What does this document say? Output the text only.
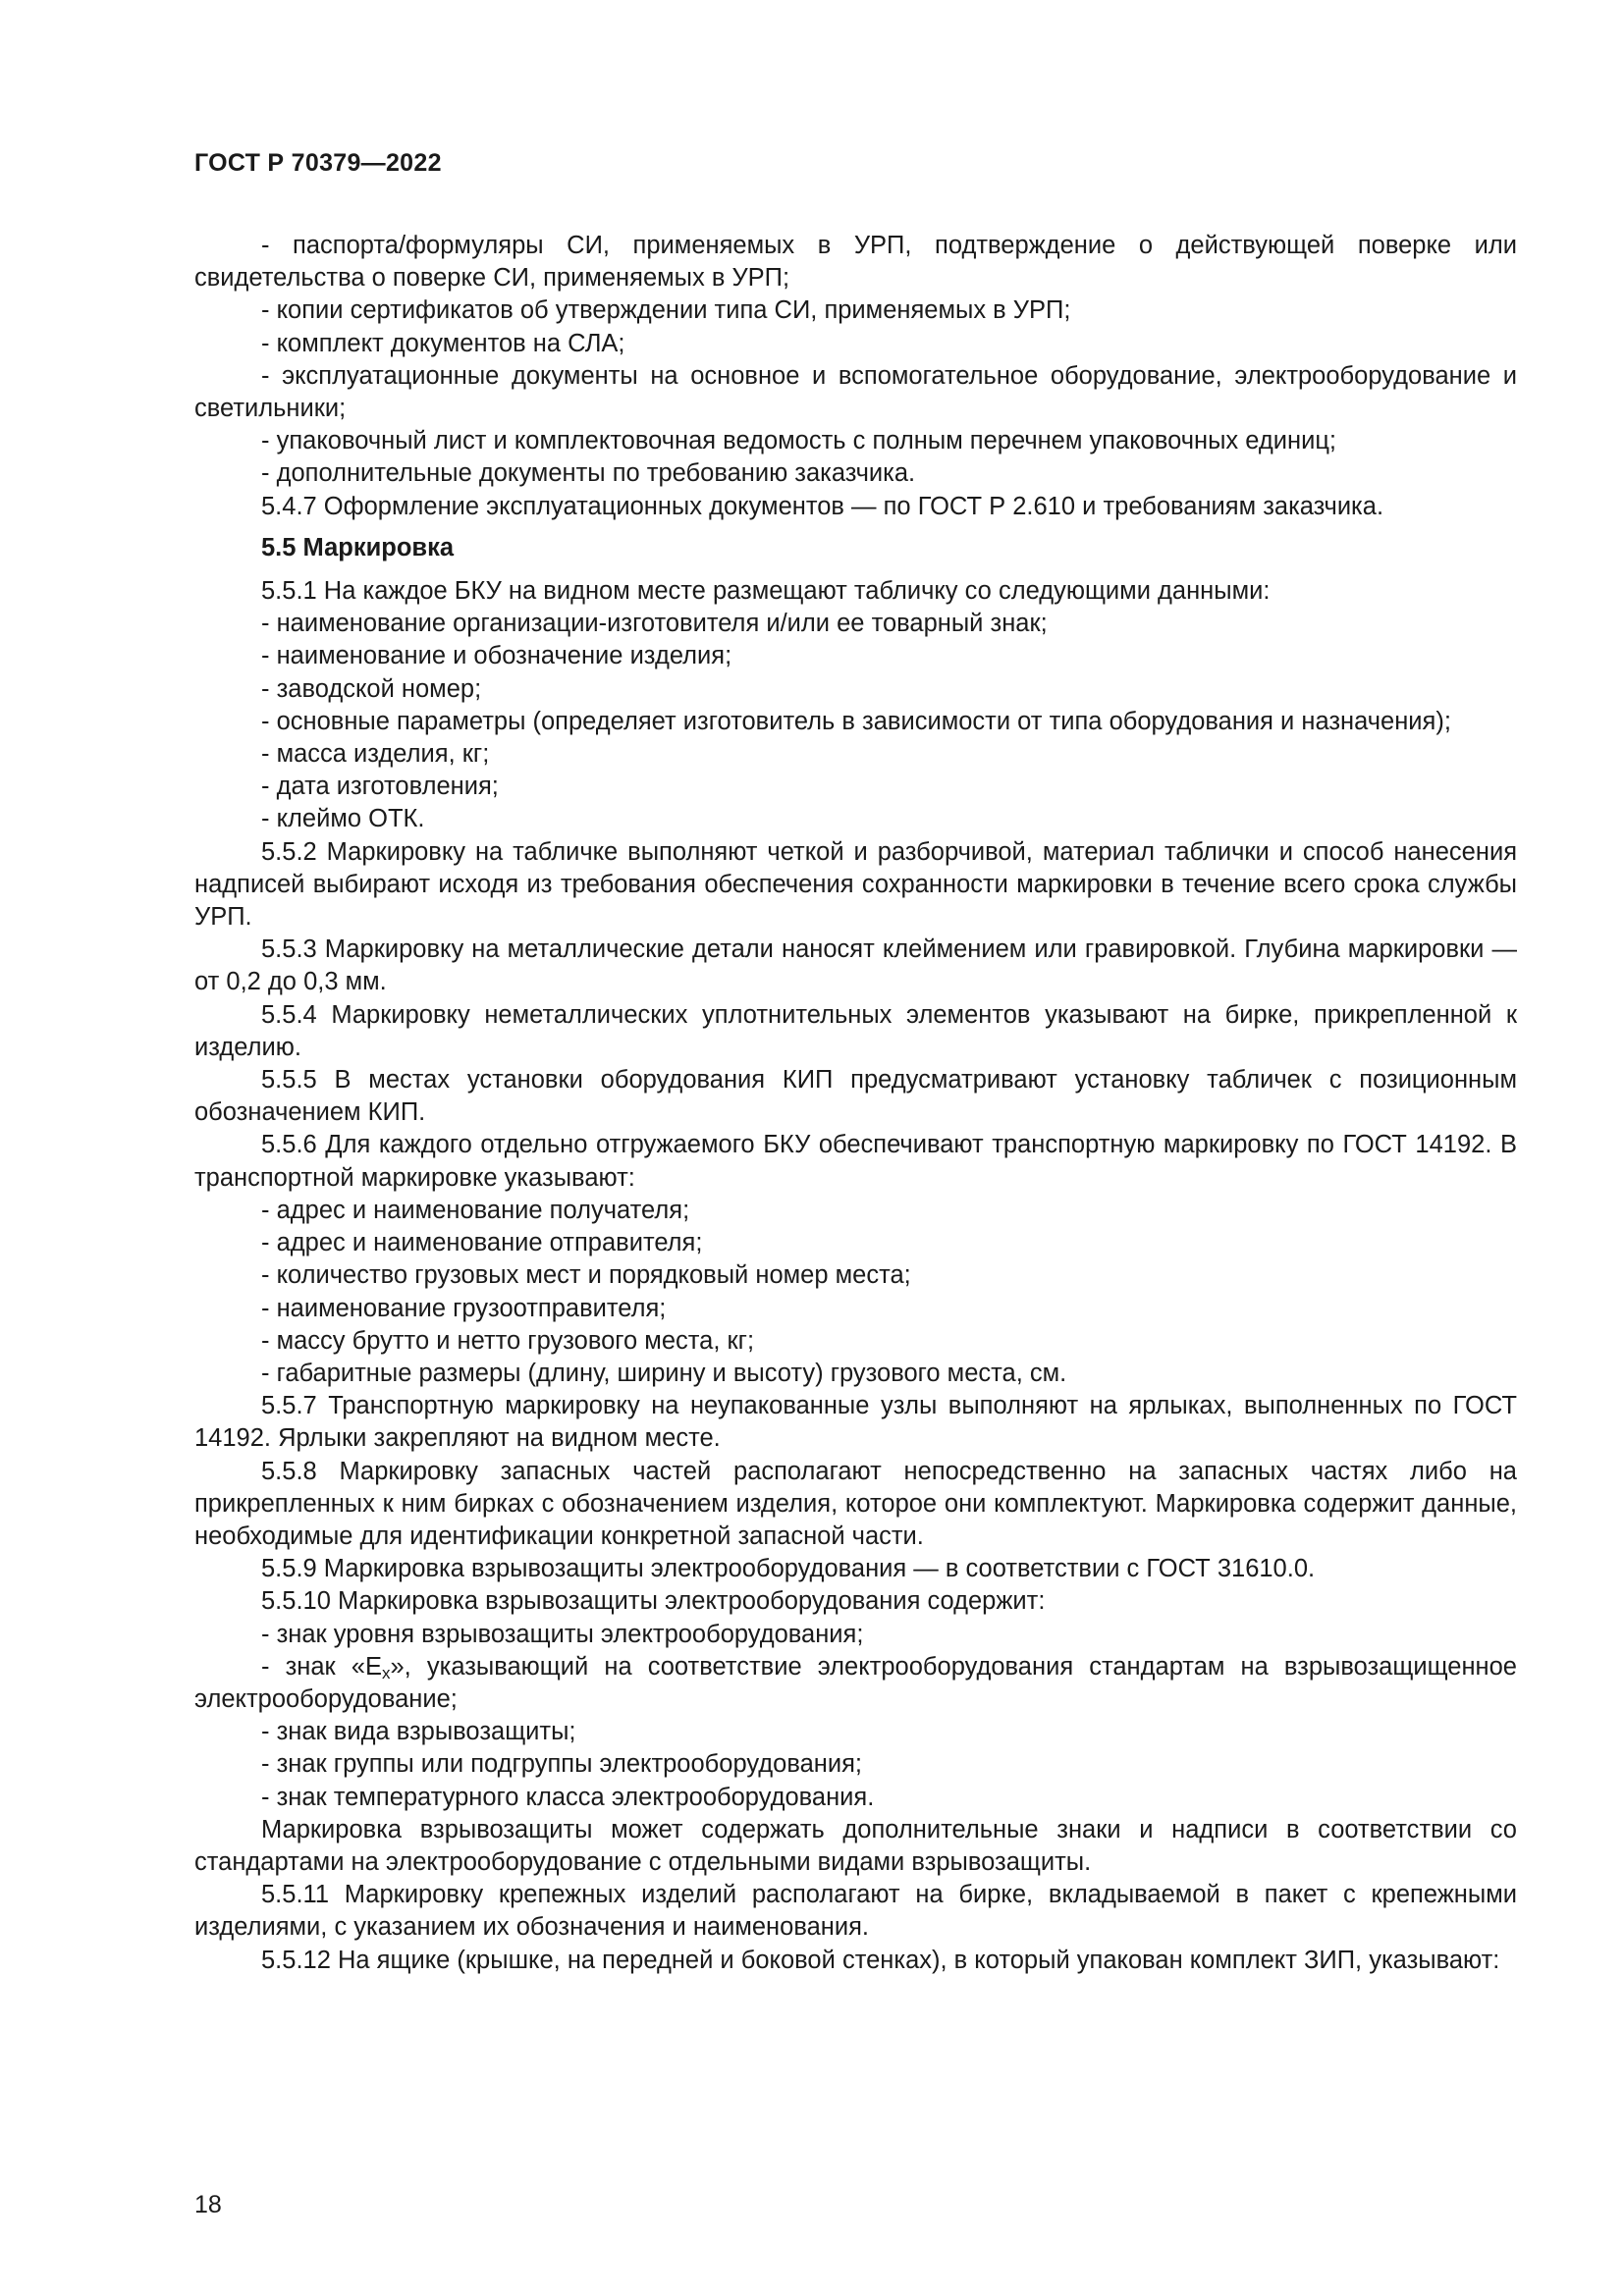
ГОСТ Р 70379—2022

- паспорта/формуляры СИ, применяемых в УРП, подтверждение о действующей поверке или свидетельства о поверке СИ, применяемых в УРП;

- копии сертификатов об утверждении типа СИ, применяемых в УРП;

- комплект документов на СЛА;

- эксплуатационные документы на основное и вспомогательное оборудование, электрооборудование и светильники;

- упаковочный лист и комплектовочная ведомость с полным перечнем упаковочных единиц;

- дополнительные документы по требованию заказчика.

5.4.7 Оформление эксплуатационных документов — по ГОСТ Р 2.610 и требованиям заказчика.

5.5 Маркировка

5.5.1 На каждое БКУ на видном месте размещают табличку со следующими данными:

- наименование организации-изготовителя и/или ее товарный знак;

- наименование и обозначение изделия;

- заводской номер;

- основные параметры (определяет изготовитель в зависимости от типа оборудования и назначения);

- масса изделия, кг;

- дата изготовления;

- клеймо ОТК.

5.5.2 Маркировку на табличке выполняют четкой и разборчивой, материал таблички и способ нанесения надписей выбирают исходя из требования обеспечения сохранности маркировки в течение всего срока службы УРП.

5.5.3 Маркировку на металлические детали наносят клеймением или гравировкой. Глубина маркировки — от 0,2 до 0,3 мм.

5.5.4 Маркировку неметаллических уплотнительных элементов указывают на бирке, прикрепленной к изделию.

5.5.5 В местах установки оборудования КИП предусматривают установку табличек с позиционным обозначением КИП.

5.5.6 Для каждого отдельно отгружаемого БКУ обеспечивают транспортную маркировку по ГОСТ 14192. В транспортной маркировке указывают:

- адрес и наименование получателя;

- адрес и наименование отправителя;

- количество грузовых мест и порядковый номер места;

- наименование грузоотправителя;

- массу брутто и нетто грузового места, кг;

- габаритные размеры (длину, ширину и высоту) грузового места, см.

5.5.7 Транспортную маркировку на неупакованные узлы выполняют на ярлыках, выполненных по ГОСТ 14192. Ярлыки закрепляют на видном месте.

5.5.8 Маркировку запасных частей располагают непосредственно на запасных частях либо на прикрепленных к ним бирках с обозначением изделия, которое они комплектуют. Маркировка содержит данные, необходимые для идентификации конкретной запасной части.

5.5.9 Маркировка взрывозащиты электрооборудования — в соответствии с ГОСТ 31610.0.

5.5.10 Маркировка взрывозащиты электрооборудования содержит:

- знак уровня взрывозащиты электрооборудования;

- знак «$E_x$», указывающий на соответствие электрооборудования стандартам на взрывозащищенное электрооборудование;

- знак вида взрывозащиты;

- знак группы или подгруппы электрооборудования;

- знак температурного класса электрооборудования.

Маркировка взрывозащиты может содержать дополнительные знаки и надписи в соответствии со стандартами на электрооборудование с отдельными видами взрывозащиты.

5.5.11 Маркировку крепежных изделий располагают на бирке, вкладываемой в пакет с крепежными изделиями, с указанием их обозначения и наименования.

5.5.12 На ящике (крышке, на передней и боковой стенках), в который упакован комплект ЗИП, указывают:

18
